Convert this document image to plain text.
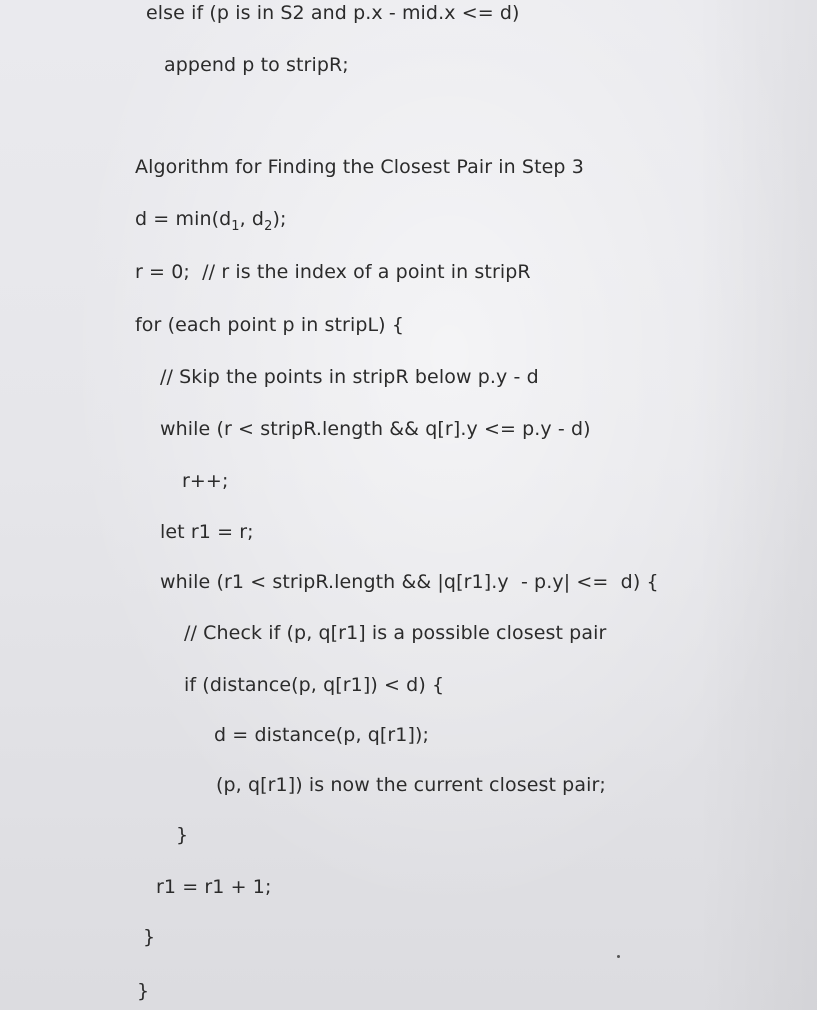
else if (p is in S2 and p.x - mid.x <= d)
append p to stripR;
Algorithm for Finding the Closest Pair in Step 3
$d = \min(d_1$, $d_2$);
r = 0;  // r is the index of a point in stripR
for (each point p in stripL) {
// Skip the points in stripR below p.y - d
while (r < stripR.length && q[r].y <= p.y - d)
r++;
let r1 = r;
while (r1 < stripR.length && |q[r1].y  - p.y| <=  d) {
// Check if (p, q[r1] is a possible closest pair
if (distance(p, q[r1]) < d) {
d = distance(p, q[r1]);
(p, q[r1]) is now the current closest pair;
}
r1 = r1 + 1;
}
}
